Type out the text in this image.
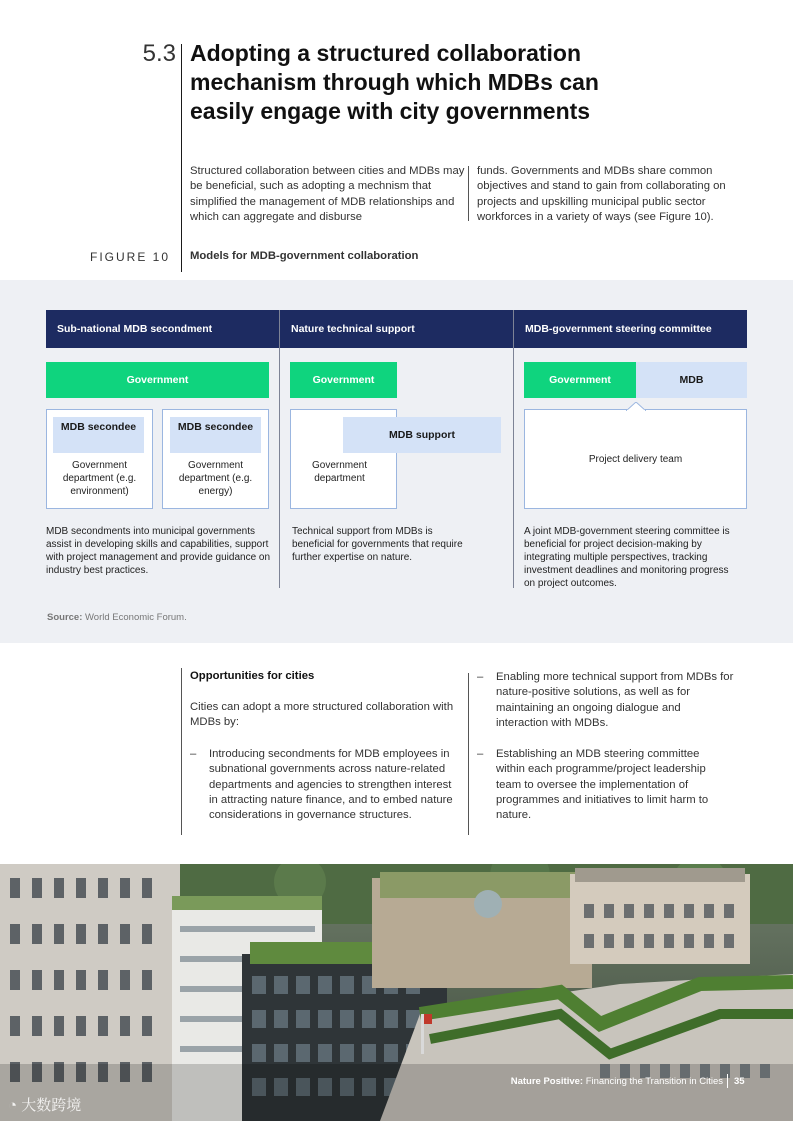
5.3 Adopting a structured collaboration mechanism through which MDBs can easily engage with city governments
Structured collaboration between cities and MDBs may be beneficial, such as adopting a mechnism that simplified the management of MDB relationships and which can aggregate and disburse
funds. Governments and MDBs share common objectives and stand to gain from collaborating on projects and upskilling municipal public sector workforces in a variety of ways (see Figure 10).
FIGURE 10	Models for MDB-government collaboration
Sub-national MDB secondment	Nature technical support	MDB-government steering committee
Government
MDB secondee
Government department (e.g. environment)
MDB secondee
Government department (e.g. energy)
MDB secondments into municipal governments assist in developing skills and capabilities, support with project management and provide guidance on industry best practices.
Government
MDB support
Government department
Technical support from MDBs is beneficial for governments that require further expertise on nature.
Government	MDB
Project delivery team
A joint MDB-government steering committee is beneficial for project decision-making by integrating multiple perspectives, tracking investment deadlines and monitoring progress on project outcomes.
Source: World Economic Forum.
Opportunities for cities
Cities can adopt a more structured collaboration with MDBs by:
– Introducing secondments for MDB employees in subnational governments across nature-related departments and agencies to strengthen interest in attracting nature finance, and to embed nature considerations in governance structures.
– Enabling more technical support from MDBs for nature-positive solutions, as well as for maintaining an ongoing dialogue and interaction with MDBs.
– Establishing an MDB steering committee within each programme/project leadership team to oversee the implementation of programmes and initiatives to limit harm to nature.
Nature Positive: Financing the Transition in Cities 35
◔ 大数跨境
